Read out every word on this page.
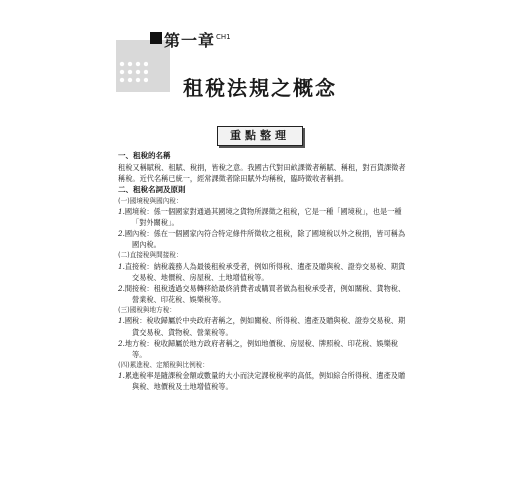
第一章 CH1
租稅法規之概念
重點整理

一、租稅的名稱

租稅又稱賦稅、租賦、稅捐，皆稅之意。我國古代對田畝課徵者稱賦、稱租，對百貨課徵者稱稅。近代名稱已統一，經常課徵者除田賦外均稱稅，臨時徵收者稱捐。

二、租稅名詞及原則

(一)國境稅與國內稅：

1.國境稅：係一個國家對通過其國境之貨物所課徵之租稅，它是一種「國境稅」，也是一種「對外關稅」。

2.國內稅：係在一個國家內符合特定條件所徵收之租稅，除了國境稅以外之稅捐，皆可稱為國內稅。

(二)直接稅與間接稅：

1.直接稅：納稅義務人為最後租稅承受者，例如所得稅、遺產及贈與稅、證券交易稅、期貨交易稅、地價稅、房屋稅、土地增值稅等。

2.間接稅：租稅透過交易轉移給最終消費者或購買者做為租稅承受者，例如關稅、貨物稅、營業稅、印花稅、娛樂稅等。

(三)國稅與地方稅：

1.國稅：稅收歸屬於中央政府者稱之，例如關稅、所得稅、遺產及贈與稅、證券交易稅、期貨交易稅、貨物稅、營業稅等。

2.地方稅：稅收歸屬於地方政府者稱之，例如地價稅、房屋稅、牌照稅、印花稅、娛樂稅等。

(四)累進稅、定額稅與比例稅：

1.累進稅率是隨課稅金額或數量的大小而決定課稅稅率的高低，例如綜合所得稅、遺產及贈與稅、地價稅及土地增值稅等。
